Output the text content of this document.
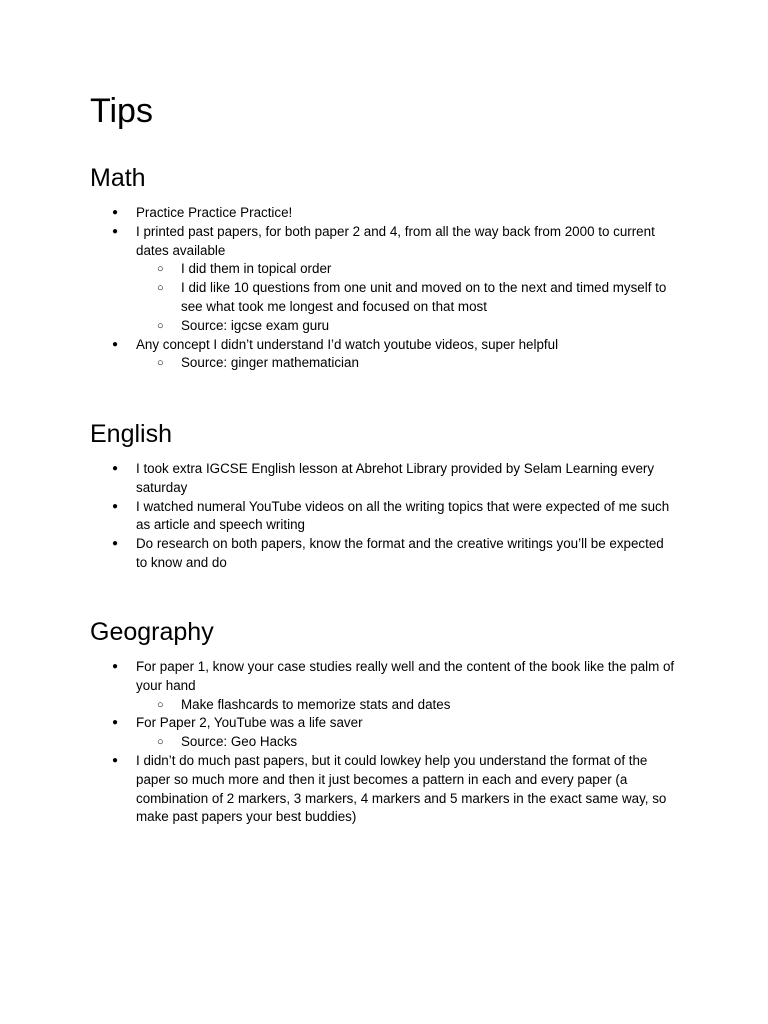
Tips
Math
● Practice Practice Practice!
● I printed past papers, for both paper 2 and 4, from all the way back from 2000 to current dates available
○ I did them in topical order
○ I did like 10 questions from one unit and moved on to the next and timed myself to see what took me longest and focused on that most
○ Source: igcse exam guru
● Any concept I didn’t understand I’d watch youtube videos, super helpful
○ Source: ginger mathematician
English
● I took extra IGCSE English lesson at Abrehot Library provided by Selam Learning every saturday
● I watched numeral YouTube videos on all the writing topics that were expected of me such as article and speech writing
● Do research on both papers, know the format and the creative writings you’ll be expected to know and do
Geography
● For paper 1, know your case studies really well and the content of the book like the palm of your hand
○ Make flashcards to memorize stats and dates
● For Paper 2, YouTube was a life saver
○ Source: Geo Hacks
● I didn’t do much past papers, but it could lowkey help you understand the format of the paper so much more and then it just becomes a pattern in each and every paper (a combination of 2 markers, 3 markers, 4 markers and 5 markers in the exact same way, so make past papers your best buddies)
